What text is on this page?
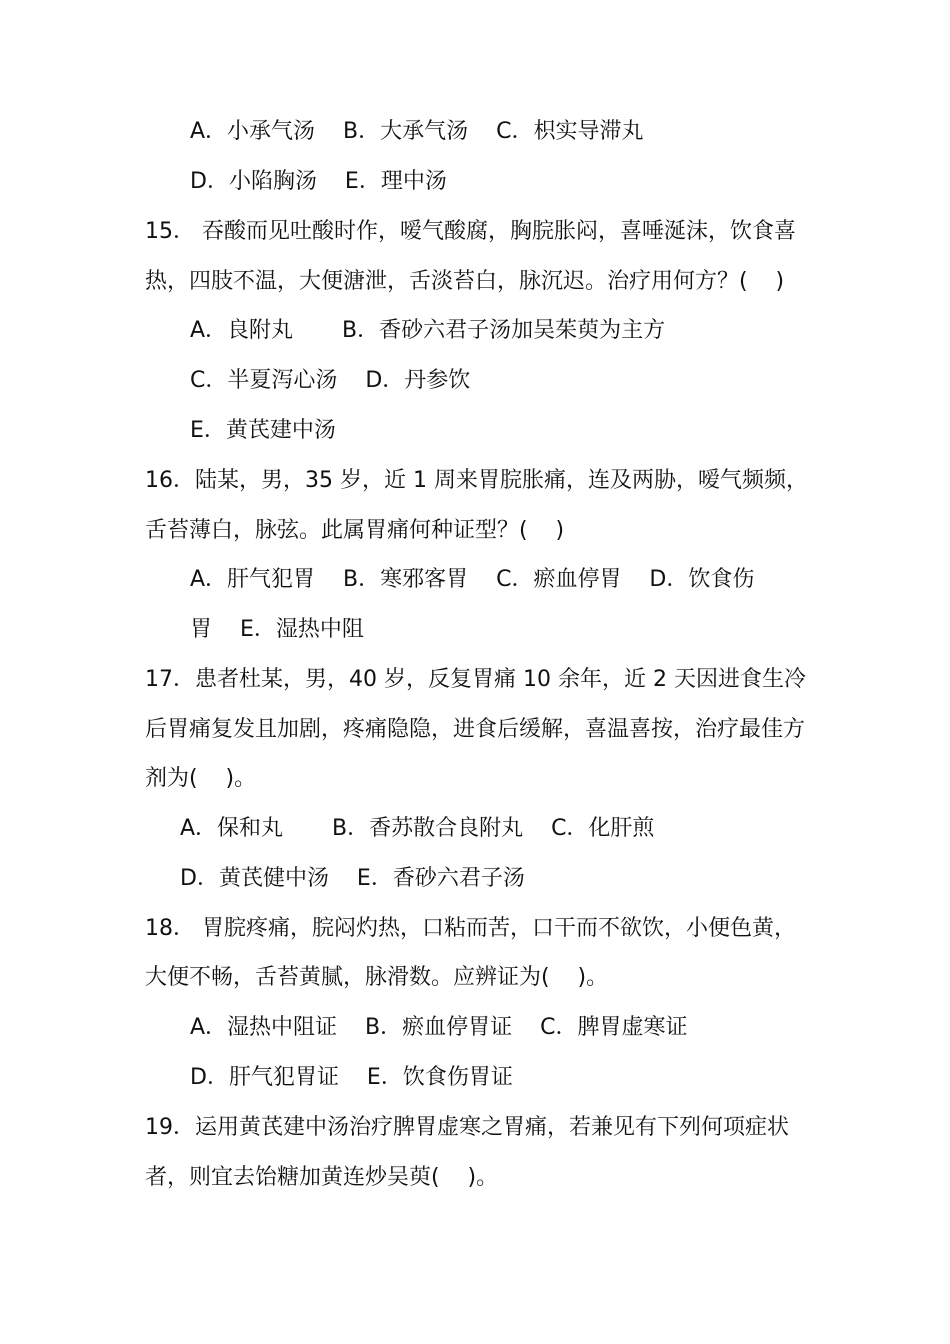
A．小承气汤    B．大承气汤    C．枳实导滞丸
D．小陷胸汤    E．理中汤
15． 吞酸而见吐酸时作，嗳气酸腐，胸脘胀闷，喜唾涎沫，饮食喜
热，四肢不温，大便溏泄，舌淡苔白，脉沉迟。治疗用何方？(    )
A．良附丸       B．香砂六君子汤加吴茱萸为主方
C．半夏泻心汤    D．丹参饮
E．黄芪建中汤
16．陆某，男，35 岁，近 1 周来胃脘胀痛，连及两胁，嗳气频频，
舌苔薄白，脉弦。此属胃痛何种证型？(    )
A．肝气犯胃    B．寒邪客胃    C．瘀血停胃    D．饮食伤
胃    E．湿热中阻
17．患者杜某，男，40 岁，反复胃痛 10 余年，近 2 天因进食生冷
后胃痛复发且加剧，疼痛隐隐，进食后缓解，喜温喜按，治疗最佳方
剂为(    )。
A．保和丸       B．香苏散合良附丸    C．化肝煎
D．黄芪健中汤    E．香砂六君子汤
18． 胃脘疼痛，脘闷灼热，口粘而苦，口干而不欲饮，小便色黄，
大便不畅，舌苔黄腻，脉滑数。应辨证为(    )。
A．湿热中阻证    B．瘀血停胃证    C．脾胃虚寒证
D．肝气犯胃证    E．饮食伤胃证
19．运用黄芪建中汤治疗脾胃虚寒之胃痛，若兼见有下列何项症状
者，则宜去饴糖加黄连炒吴萸(    )。
